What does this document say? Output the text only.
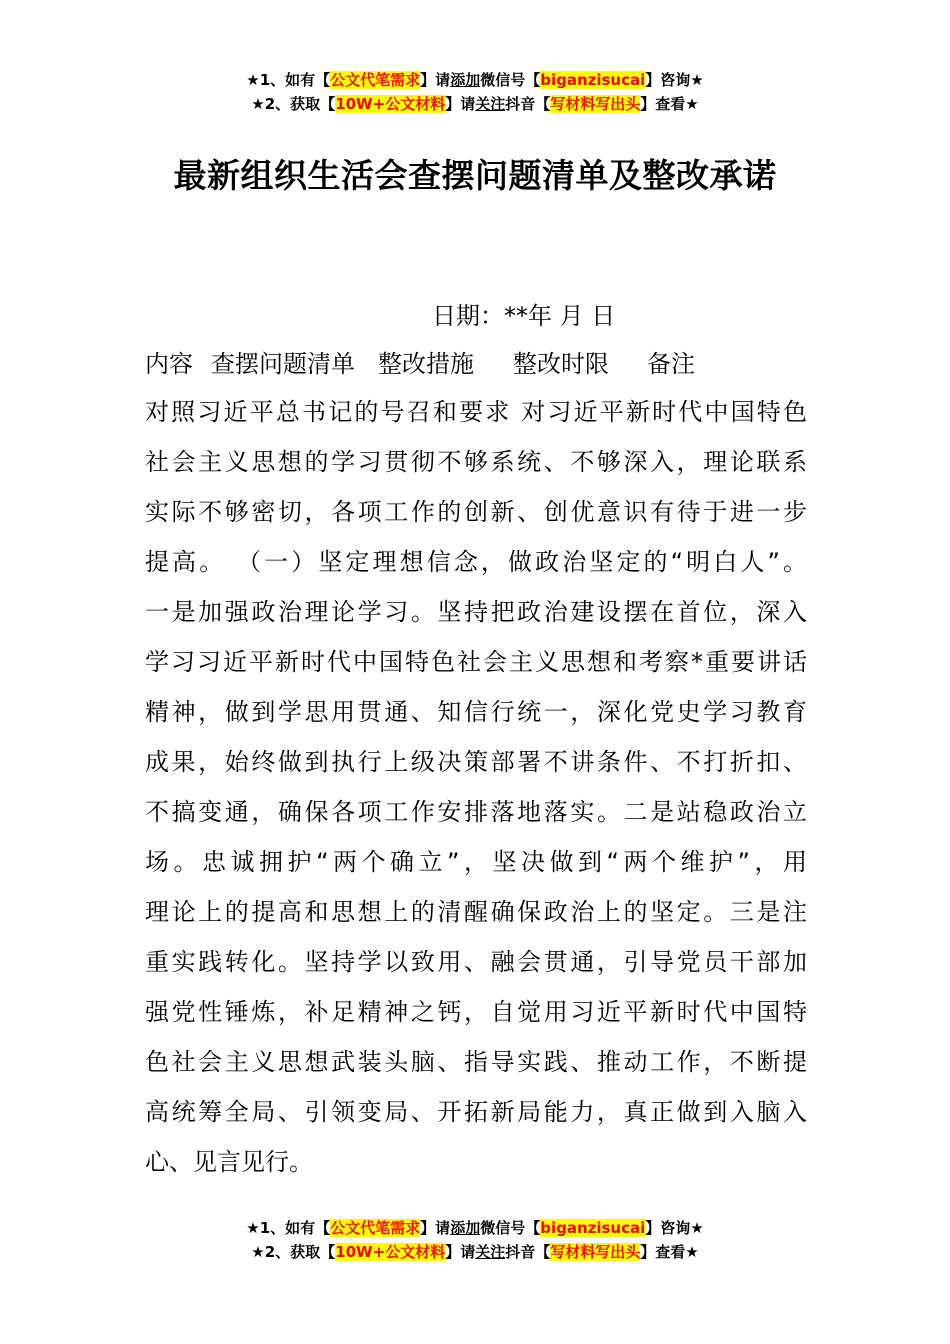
★1、如有【公文代笔需求】请添加微信号【biganzisucai】咨询★
★2、获取【10W+公文材料】请关注抖音【写材料写出头】查看★
最新组织生活会查摆问题清单及整改承诺
日期：**年 月 日
内容 查摆问题清单 整改措施 整改时限 备注
对照习近平总书记的号召和要求 对习近平新时代中国特色
社会主义思想的学习贯彻不够系统、不够深入，理论联系
实际不够密切，各项工作的创新、创优意识有待于进一步
提高。 （一）坚定理想信念，做政治坚定的“明白人”。
一是加强政治理论学习。坚持把政治建设摆在首位，深入
学习习近平新时代中国特色社会主义思想和考察*重要讲话
精神，做到学思用贯通、知信行统一，深化党史学习教育
成果，始终做到执行上级决策部署不讲条件、不打折扣、
不搞变通，确保各项工作安排落地落实。二是站稳政治立
场。忠诚拥护“两个确立”，坚决做到“两个维护”，用
理论上的提高和思想上的清醒确保政治上的坚定。三是注
重实践转化。坚持学以致用、融会贯通，引导党员干部加
强党性锤炼，补足精神之钙，自觉用习近平新时代中国特
色社会主义思想武装头脑、指导实践、推动工作，不断提
高统筹全局、引领变局、开拓新局能力，真正做到入脑入
心、见言见行。
★1、如有【公文代笔需求】请添加微信号【biganzisucai】咨询★
★2、获取【10W+公文材料】请关注抖音【写材料写出头】查看★
